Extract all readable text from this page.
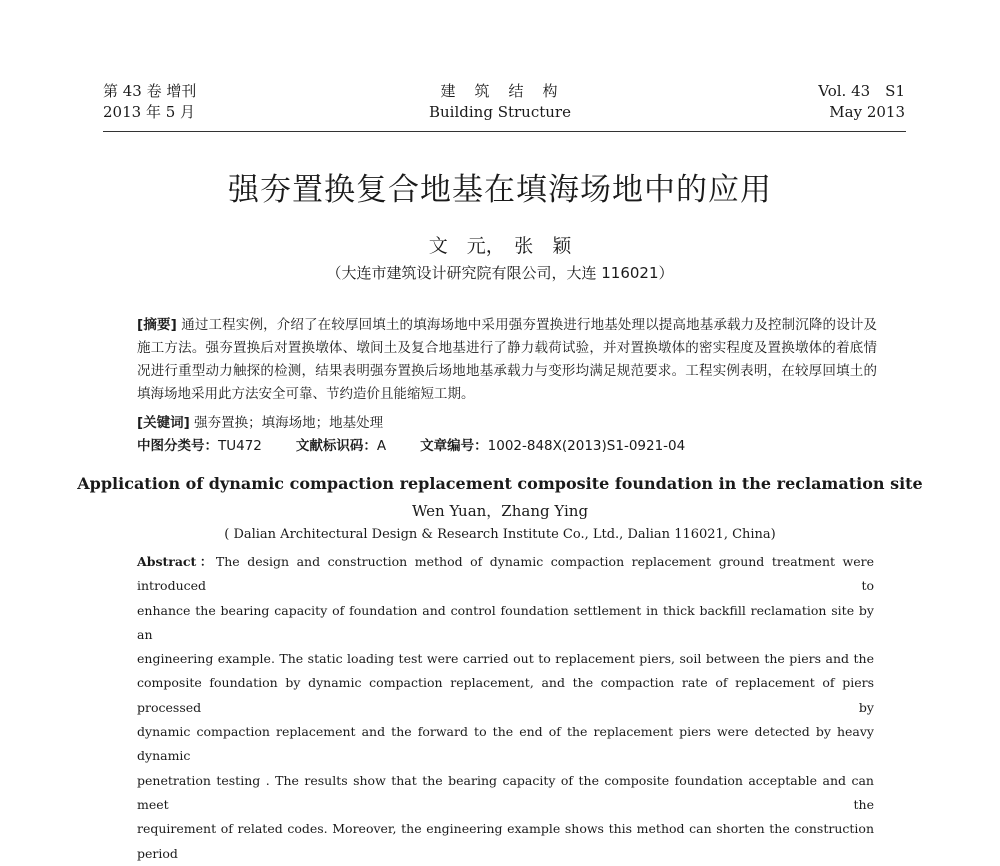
第 43 卷 增刊
2013 年 5 月
建　筑　结　构
Building Structure
Vol. 43　S1
May 2013
强夯置换复合地基在填海场地中的应用
文　元，　张　颖
（大连市建筑设计研究院有限公司，大连 116021）
[摘要] 通过工程实例，介绍了在较厚回填土的填海场地中采用强夯置换进行地基处理以提高地基承载力及控制沉降的设计及施工方法。强夯置换后对置换墩体、墩间土及复合地基进行了静力载荷试验，并对置换墩体的密实程度及置换墩体的着底情况进行重型动力触探的检测，结果表明强夯置换后场地地基承载力与变形均满足规范要求。工程实例表明，在较厚回填土的填海场地采用此方法安全可靠、节约造价且能缩短工期。
[关键词] 强夯置换；填海场地；地基处理
中图分类号：TU472	文献标识码：A	文章编号：1002-848X(2013)S1-0921-04
Application of dynamic compaction replacement composite foundation in the reclamation site
Wen Yuan，Zhang Ying
( Dalian Architectural Design & Research Institute Co., Ltd., Dalian 116021, China)
Abstract：The design and construction method of dynamic compaction replacement ground treatment were introduced to
enhance the bearing capacity of foundation and control foundation settlement in thick backfill reclamation site by an
engineering example. The static loading test were carried out to replacement piers, soil between the piers and the
composite foundation by dynamic compaction replacement, and the compaction rate of replacement of piers processed by
dynamic compaction replacement and the forward to the end of the replacement piers were detected by heavy dynamic
penetration testing . The results show that the bearing capacity of the composite foundation acceptable and can meet the
requirement of related codes. Moreover, the engineering example shows this method can shorten the construction period
